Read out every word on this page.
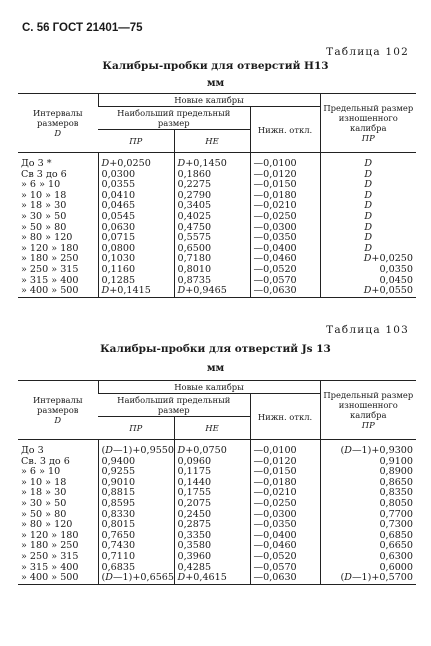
С. 56 ГОСТ 21401—75
Таблица 102
Калибры-пробки для отверстий Н13
мм
Интервалы размеров
D	Новые калибры			Предельный размер изношенного калибра
ПР
	Наибольший предельный размер		Нижн. откл.	
	ПР	НЕ		
До 3 *	D+0,0250	D+0,1450	—0,0100	D
Св 3 до 6	0,0300	0,1860	—0,0120	D
» 6 » 10	0,0355	0,2275	—0,0150	D
» 10 » 18	0,0410	0,2790	—0,0180	D
» 18 » 30	0,0465	0,3405	—0,0210	D
» 30 » 50	0,0545	0,4025	—0,0250	D
» 50 » 80	0,0630	0,4750	—0,0300	D
» 80 » 120	0,0715	0,5575	—0,0350	D
» 120 » 180	0,0800	0,6500	—0,0400	D
» 180 » 250	0,1030	0,7180	—0,0460	D+0,0250
» 250 » 315	0,1160	0,8010	—0,0520	0,0350
» 315 » 400	0,1285	0,8735	—0,0570	0,0450
» 400 » 500	D+0,1415	D+0,9465	—0,0630	D+0,0550
Таблица 103
Калибры-пробки для отверстий Js 13
мм
Интервалы размеров
D	Новые калибры			Предельный размер изношенного калибра
ПР
	Наибольший предельный размер		Нижн. откл.	
	ПР	НЕ		
До 3	(D—1)+0,9550	D+0,0750	—0,0100	(D—1)+0,9300
Св. 3 до 6	0,9400	0,0960	—0,0120	0,9100
» 6 » 10	0,9255	0,1175	—0,0150	0,8900
» 10 » 18	0,9010	0,1440	—0,0180	0,8650
» 18 » 30	0,8815	0,1755	—0,0210	0,8350
» 30 » 50	0,8595	0,2075	—0,0250	0,8050
» 50 » 80	0,8330	0,2450	—0,0300	0,7700
» 80 » 120	0,8015	0,2875	—0,0350	0,7300
» 120 » 180	0,7650	0,3350	—0,0400	0,6850
» 180 » 250	0,7430	0,3580	—0,0460	0,6650
» 250 » 315	0,7110	0,3960	—0,0520	0,6300
» 315 » 400	0,6835	0,4285	—0,0570	0,6000
» 400 » 500	(D—1)+0,6565	D+0,4615	—0,0630	(D—1)+0,5700
